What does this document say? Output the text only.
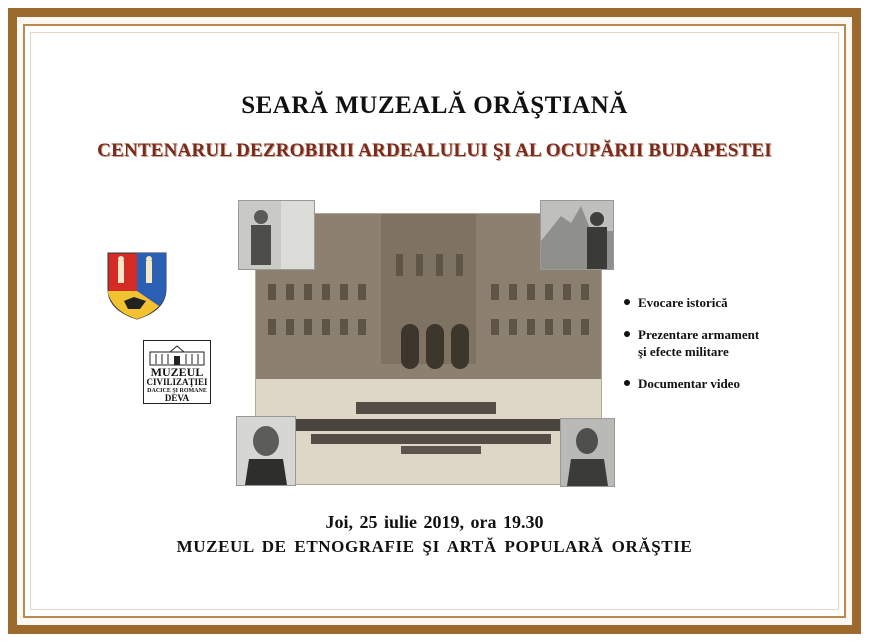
SEARĂ MUZEALĂ ORĂŞTIANĂ
CENTENARUL DEZROBIRII ARDEALULUI ŞI AL OCUPĂRII BUDAPESTEI
MUZEUL
CIVILIZAŢIEI
DACICE ŞI ROMANE
DEVA
Evocare istorică
Prezentare armament
şi efecte militare
Documentar video
Joi, 25 iulie 2019, ora 19.30
MUZEUL DE ETNOGRAFIE ŞI ARTĂ POPULARĂ ORĂŞTIE
